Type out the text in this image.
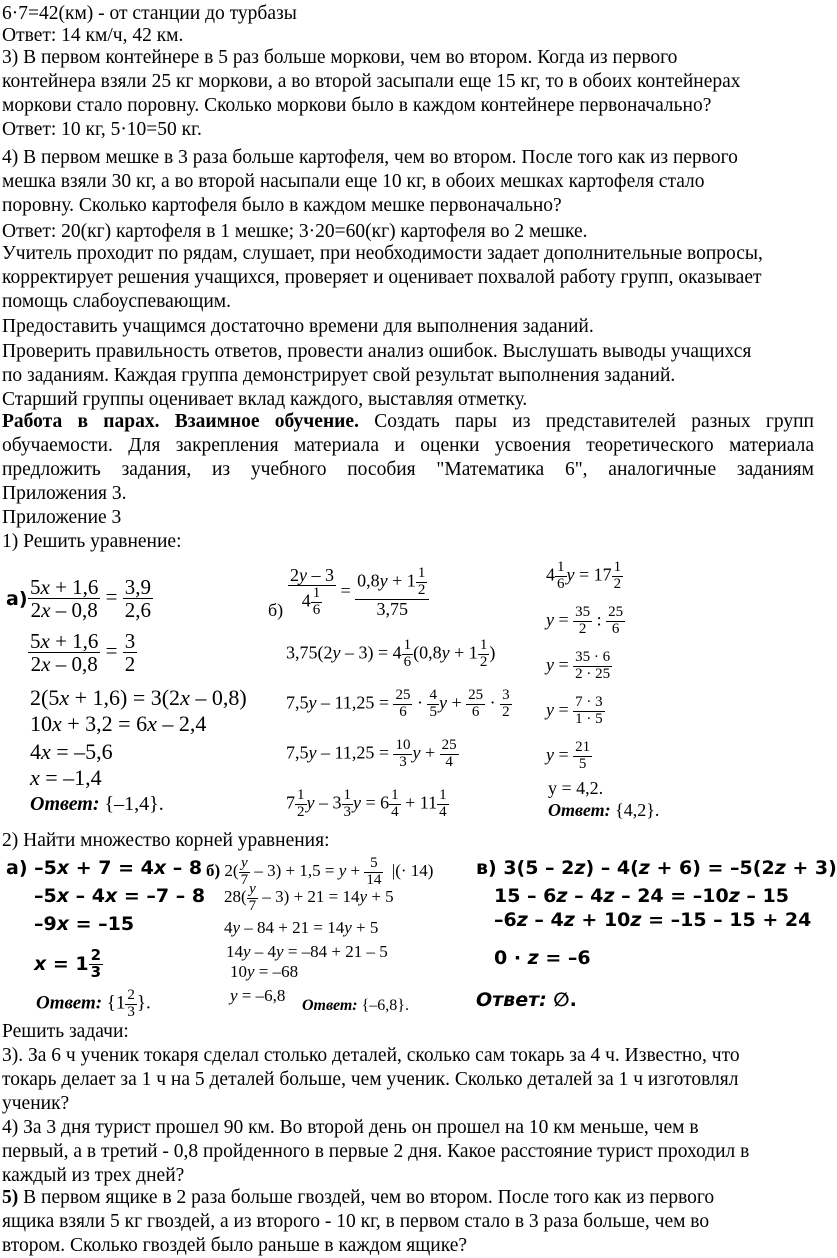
6·7=42(км) - от станции до турбазы
Ответ: 14 км/ч, 42 км.
3) В первом контейнере в 5 раз больше моркови, чем во втором. Когда из первого
контейнера взяли 25 кг моркови, а во второй засыпали еще 15 кг, то в обоих контейнерах
моркови стало поровну. Сколько моркови было в каждом контейнере первоначально?
Ответ: 10 кг, 5·10=50 кг.
4) В первом мешке в 3 раза больше картофеля, чем во втором. После того как из первого
мешка взяли 30 кг, а во второй насыпали еще 10 кг, в обоих мешках картофеля стало
поровну. Сколько картофеля было в каждом мешке первоначально?
Ответ: 20(кг) картофеля в 1 мешке; 3·20=60(кг) картофеля во 2 мешке.
Учитель проходит по рядам, слушает, при необходимости задает дополнительные вопросы,
корректирует решения учащихся, проверяет и оценивает похвалой работу групп, оказывает
помощь слабоуспевающим.
Предоставить учащимся достаточно времени для выполнения заданий.
Проверить правильность ответов, провести анализ ошибок. Выслушать выводы учащихся
по заданиям. Каждая группа демонстрирует свой результат выполнения заданий.
Старший группы оценивает вклад каждого, выставляя отметку.
Работа в парах. Взаимное обучение. Создать пары из представителей разных групп
обучаемости. Для закрепления материала и оценки усвоения теоретического материала
предложить задания, из учебного пособия "Математика 6", аналогичные заданиям
Приложения 3.
Приложение 3
1) Решить уравнение:
$а) \frac{5x + 1,6}{2x - 0,8} = \frac{3,9}{2,6}$
$\frac{5x + 1,6}{2x - 0,8} = \frac{3}{2}$
2(5x + 1,6) = 3(2x – 0,8)
10x + 3,2 = 6x – 2,4
4x = –5,6
x = –1,4
Ответ: {–1,4}.
$б) \frac{2y - 3}{4 \frac{1}{6}} = \frac{0,8y + 1 \frac{1}{2}}{3,75}$
$3,75(2y - 3) = 4 \frac{1}{6} (0,8y + 1 \frac{1}{2}$ )
$7,5y - 11,25 = \frac{25}{6} \cdot \frac{4}{5}$ $y + \frac{25}{6} \cdot \frac{3}{2}$
$7,5y - 11,25 = \frac{10}{3}$ $y + \frac{25}{4}$
$7 \frac{1}{2}$ y – $3 \frac{1}{3}$ $y = 6 \frac{1}{4} + 11 \frac{1}{4}$
$4 \frac{1}{6}$ $y = 17 \frac{1}{2}$
$y = \frac{35}{2}$ : $\frac{25}{6}$
$y = \frac{35 \cdot 6}{2 \cdot 25}$
$y = \frac{7 \cdot 3}{1 \cdot 5}$
$y = \frac{21}{5}$
y = 4,2.
Ответ: {4,2}.
2) Найти множество корней уравнения:
а) –5x + 7 = 4x – 8
–5x – 4x = –7 – 8
–9x = –15
$x = 1 \frac{2}{3}$
Ответ: {$1 \frac{2}{3}$ }.
б) $2( \frac{y}{7} - 3) + 1,5 = y + \frac{5}{14}$ |(· 14)
$28( \frac{y}{7} - 3) + 21 = 14y + 5$
4y – 84 + 21 = 14y + 5
14y – 4y = –84 + 21 – 5
10y = –68
y = –6,8
Ответ: {–6,8}.
в) 3(5 – 2z) – 4(z + 6) = –5(2z + 3)
15 – 6z – 4z – 24 = –10z – 15
–6z – 4z + 10z = –15 – 15 + 24
0 · z = –6
Ответ: ∅.
Решить задачи:
3). За 6 ч ученик токаря сделал столько деталей, сколько сам токарь за 4 ч. Известно, что
токарь делает за 1 ч на 5 деталей больше, чем ученик. Сколько деталей за 1 ч изготовлял
ученик?
4) За 3 дня турист прошел 90 км. Во второй день он прошел на 10 км меньше, чем в
первый, а в третий - 0,8 пройденного в первые 2 дня. Какое расстояние турист проходил в
каждый из трех дней?
5) В первом ящике в 2 раза больше гвоздей, чем во втором. После того как из первого
ящика взяли 5 кг гвоздей, а из второго - 10 кг, в первом стало в 3 раза больше, чем во
втором. Сколько гвоздей было раньше в каждом ящике?
